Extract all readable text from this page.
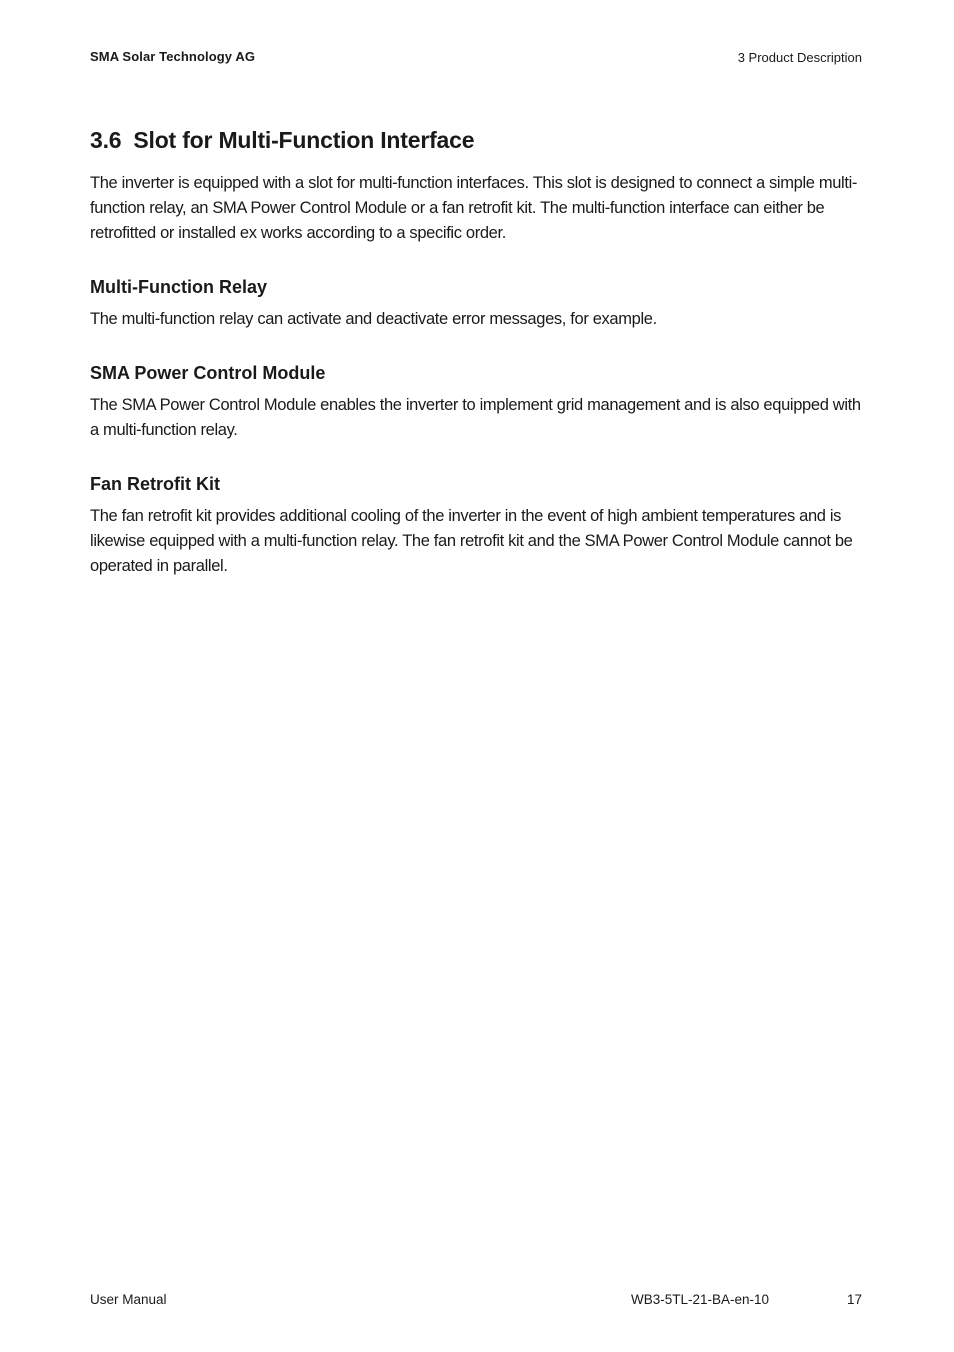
SMA Solar Technology AG	3 Product Description
3.6 Slot for Multi-Function Interface

The inverter is equipped with a slot for multi-function interfaces. This slot is designed to connect a simple multi-function relay, an SMA Power Control Module or a fan retrofit kit. The multi-function interface can either be retrofitted or installed ex works according to a specific order.

Multi-Function Relay

The multi-function relay can activate and deactivate error messages, for example.

SMA Power Control Module

The SMA Power Control Module enables the inverter to implement grid management and is also equipped with a multi-function relay.

Fan Retrofit Kit

The fan retrofit kit provides additional cooling of the inverter in the event of high ambient temperatures and is likewise equipped with a multi-function relay. The fan retrofit kit and the SMA Power Control Module cannot be operated in parallel.

User Manual	WB3-5TL-21-BA-en-10	17
